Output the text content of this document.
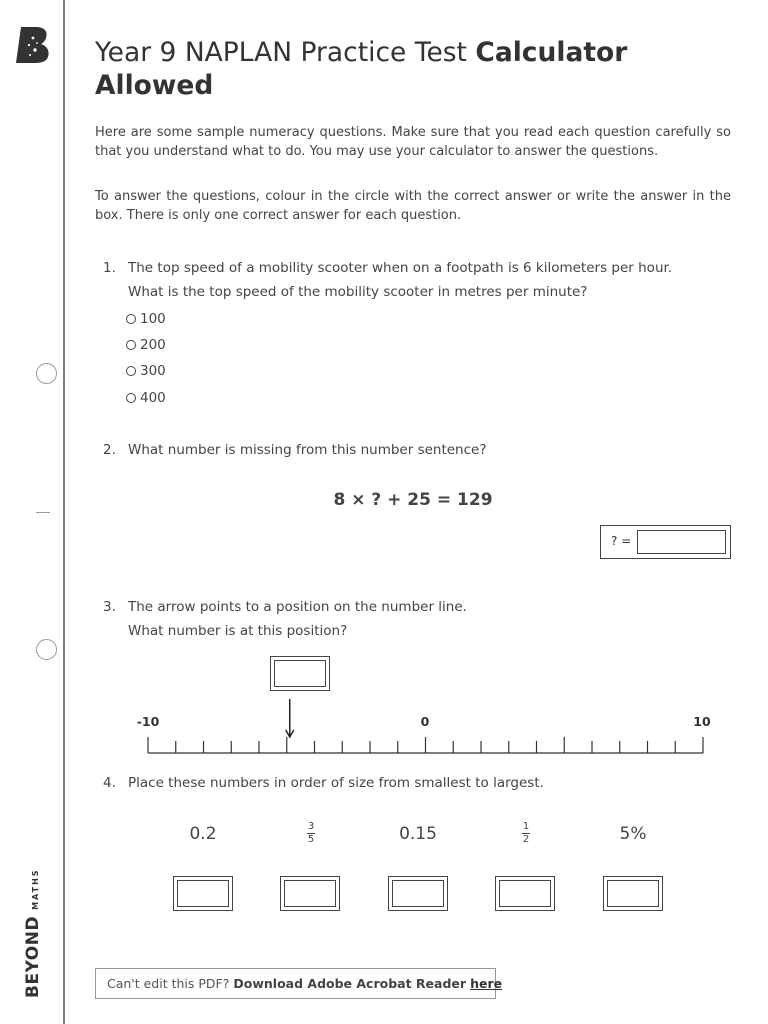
BEYOND
MATHS
Year 9 NAPLAN Practice Test Calculator Allowed
Here are some sample numeracy questions. Make sure that you read each question carefully so that you understand what to do. You may use your calculator to answer the questions.
To answer the questions, colour in the circle with the correct answer or write the answer in the box. There is only one correct answer for each question.
1. The top speed of a mobility scooter when on a footpath is 6 kilometers per hour.
What is the top speed of the mobility scooter in metres per minute?
100
200
300
400
2. What number is missing from this number sentence?
8 × ? + 25 = 129
? =
3. The arrow points to a position on the number line.
What number is at this position?
-10	0	10
4. Place these numbers in order of size from smallest to largest.
0.2	3
5	0.15	1
2	5%
Can't edit this PDF? Download Adobe Acrobat Reader here
